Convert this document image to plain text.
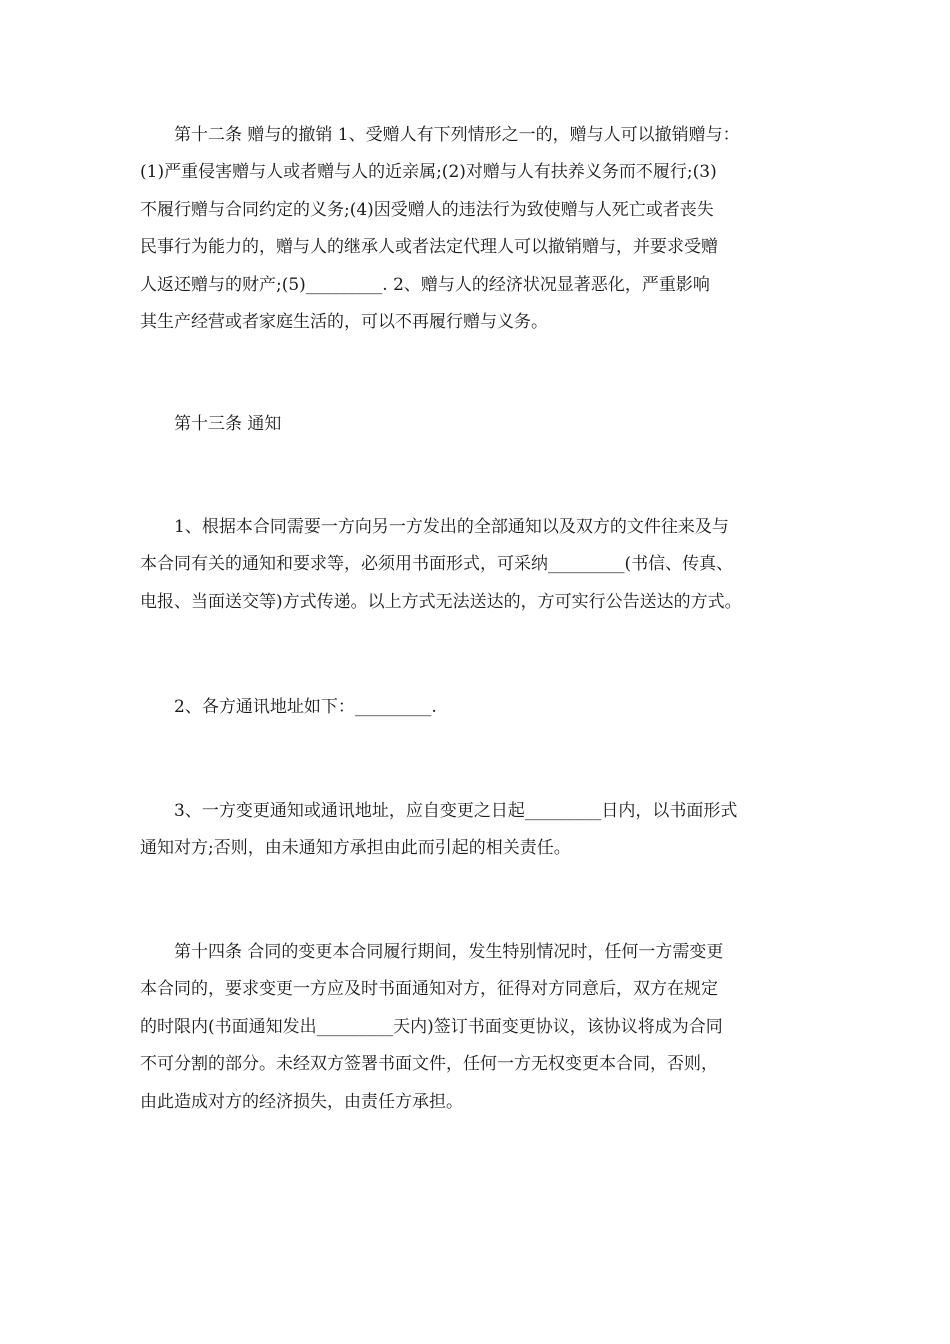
第十二条 赠与的撤销 1、受赠人有下列情形之一的，赠与人可以撤销赠与：
(1)严重侵害赠与人或者赠与人的近亲属;(2)对赠与人有扶养义务而不履行;(3)
不履行赠与合同约定的义务;(4)因受赠人的违法行为致使赠与人死亡或者丧失
民事行为能力的，赠与人的继承人或者法定代理人可以撤销赠与，并要求受赠
人返还赠与的财产;(5)_________. 2、赠与人的经济状况显著恶化，严重影响
其生产经营或者家庭生活的，可以不再履行赠与义务。

第十三条 通知

1、根据本合同需要一方向另一方发出的全部通知以及双方的文件往来及与
本合同有关的通知和要求等，必须用书面形式，可采纳_________(书信、传真、
电报、当面送交等)方式传递。以上方式无法送达的，方可实行公告送达的方式。

2、各方通讯地址如下：_________.

3、一方变更通知或通讯地址，应自变更之日起_________日内，以书面形式
通知对方;否则，由未通知方承担由此而引起的相关责任。

第十四条 合同的变更本合同履行期间，发生特别情况时，任何一方需变更
本合同的，要求变更一方应及时书面通知对方，征得对方同意后，双方在规定
的时限内(书面通知发出_________天内)签订书面变更协议，该协议将成为合同
不可分割的部分。未经双方签署书面文件，任何一方无权变更本合同，否则，
由此造成对方的经济损失，由责任方承担。
